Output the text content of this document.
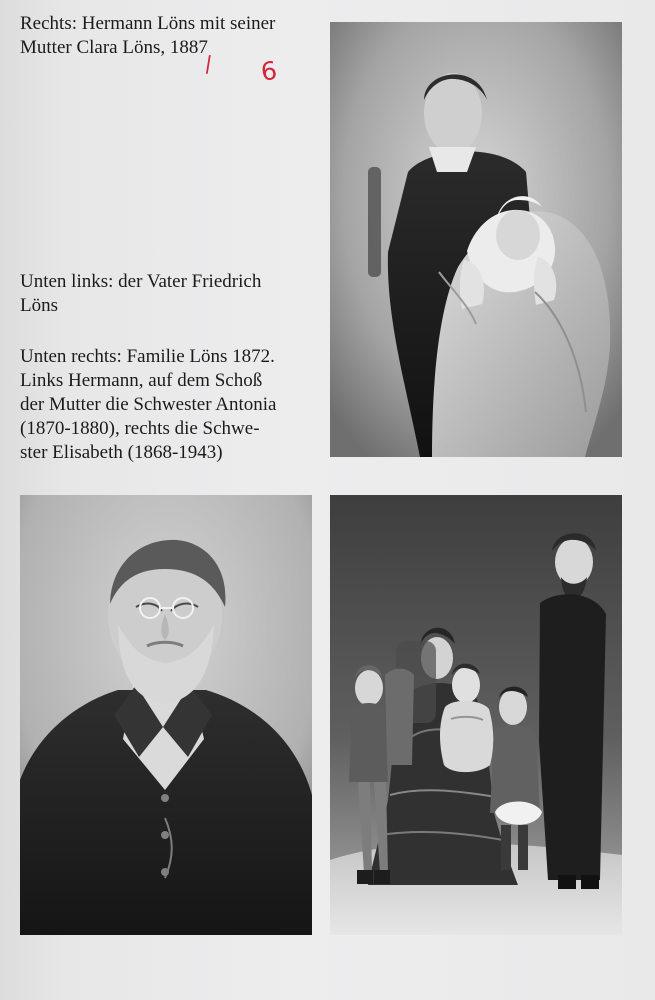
Rechts: Hermann Löns mit seiner
Mutter Clara Löns, 1887
/ 6
Unten links: der Vater Friedrich
Löns
Unten rechts: Familie Löns 1872.
Links Hermann, auf dem Schoß
der Mutter die Schwester Antonia
(1870-1880), rechts die Schwe-
ster Elisabeth (1868-1943)
